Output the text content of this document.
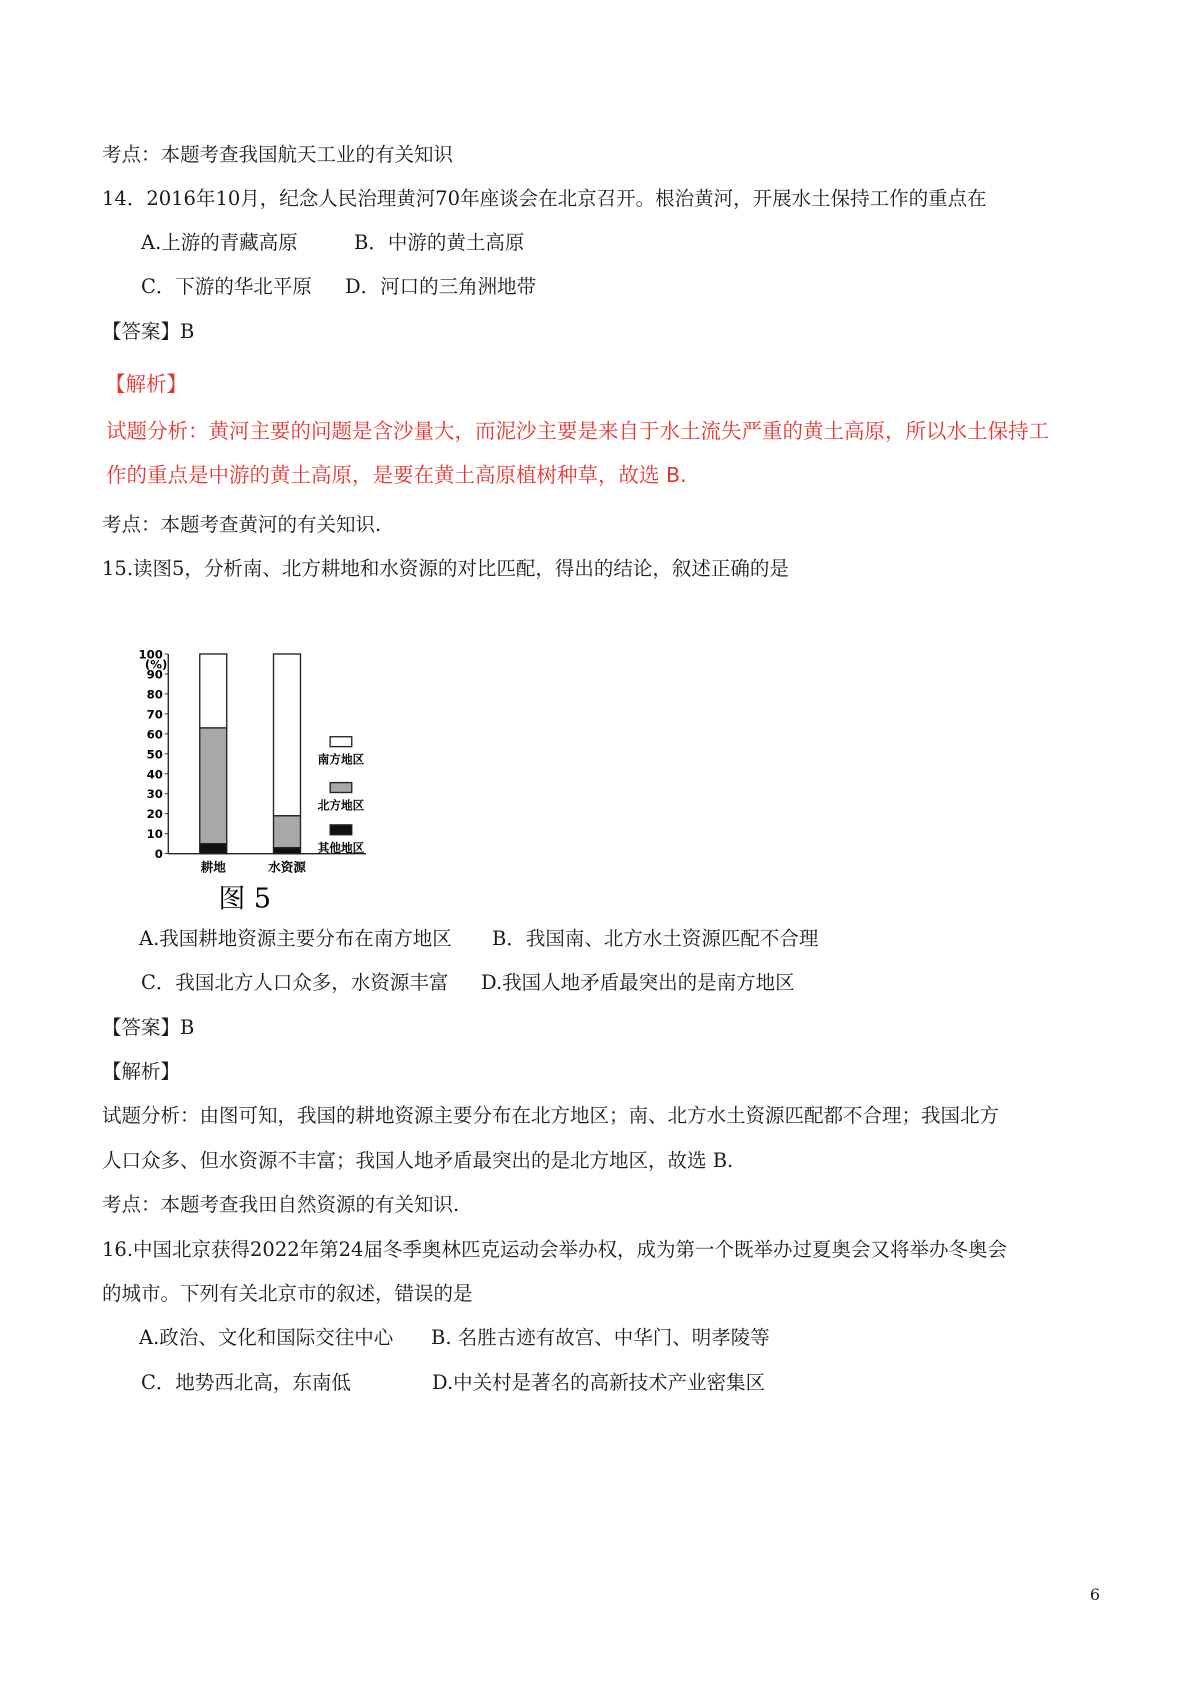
考点：本题考查我国航天工业的有关知识
14．2016年10月，纪念人民治理黄河70年座谈会在北京召开。根治黄河，开展水土保持工作的重点在
A.上游的青藏高原	B．中游的黄土高原
C．下游的华北平原 D．河口的三角洲地带
【答案】B
【解析】
试题分析：黄河主要的问题是含沙量大，而泥沙主要是来自于水土流失严重的黄土高原，所以水土保持工
作的重点是中游的黄土高原，是要在黄土高原植树种草，故选 B.
考点：本题考查黄河的有关知识.
15.读图5，分析南、北方耕地和水资源的对比匹配，得出的结论，叙述正确的是
(%)
0
10
20
30
40
50
60
70
80
90
100
耕地	水资源
南方地区
北方地区
其他地区
图 5
A.我国耕地资源主要分布在南方地区 B．我国南、北方水土资源匹配不合理
C．我国北方人口众多，水资源丰富 D.我国人地矛盾最突出的是南方地区
【答案】B
【解析】
试题分析：由图可知，我国的耕地资源主要分布在北方地区；南、北方水土资源匹配都不合理；我国北方
人口众多、但水资源不丰富；我国人地矛盾最突出的是北方地区，故选 B.
考点：本题考查我田自然资源的有关知识.
16.中国北京获得2022年第24届冬季奥林匹克运动会举办权，成为第一个既举办过夏奥会又将举办冬奥会
的城市。下列有关北京市的叙述，错误的是
A.政治、文化和国际交往中心 B. 名胜古迹有故宫、中华门、明孝陵等
C．地势西北高，东南低	D.中关村是著名的高新技术产业密集区
6
